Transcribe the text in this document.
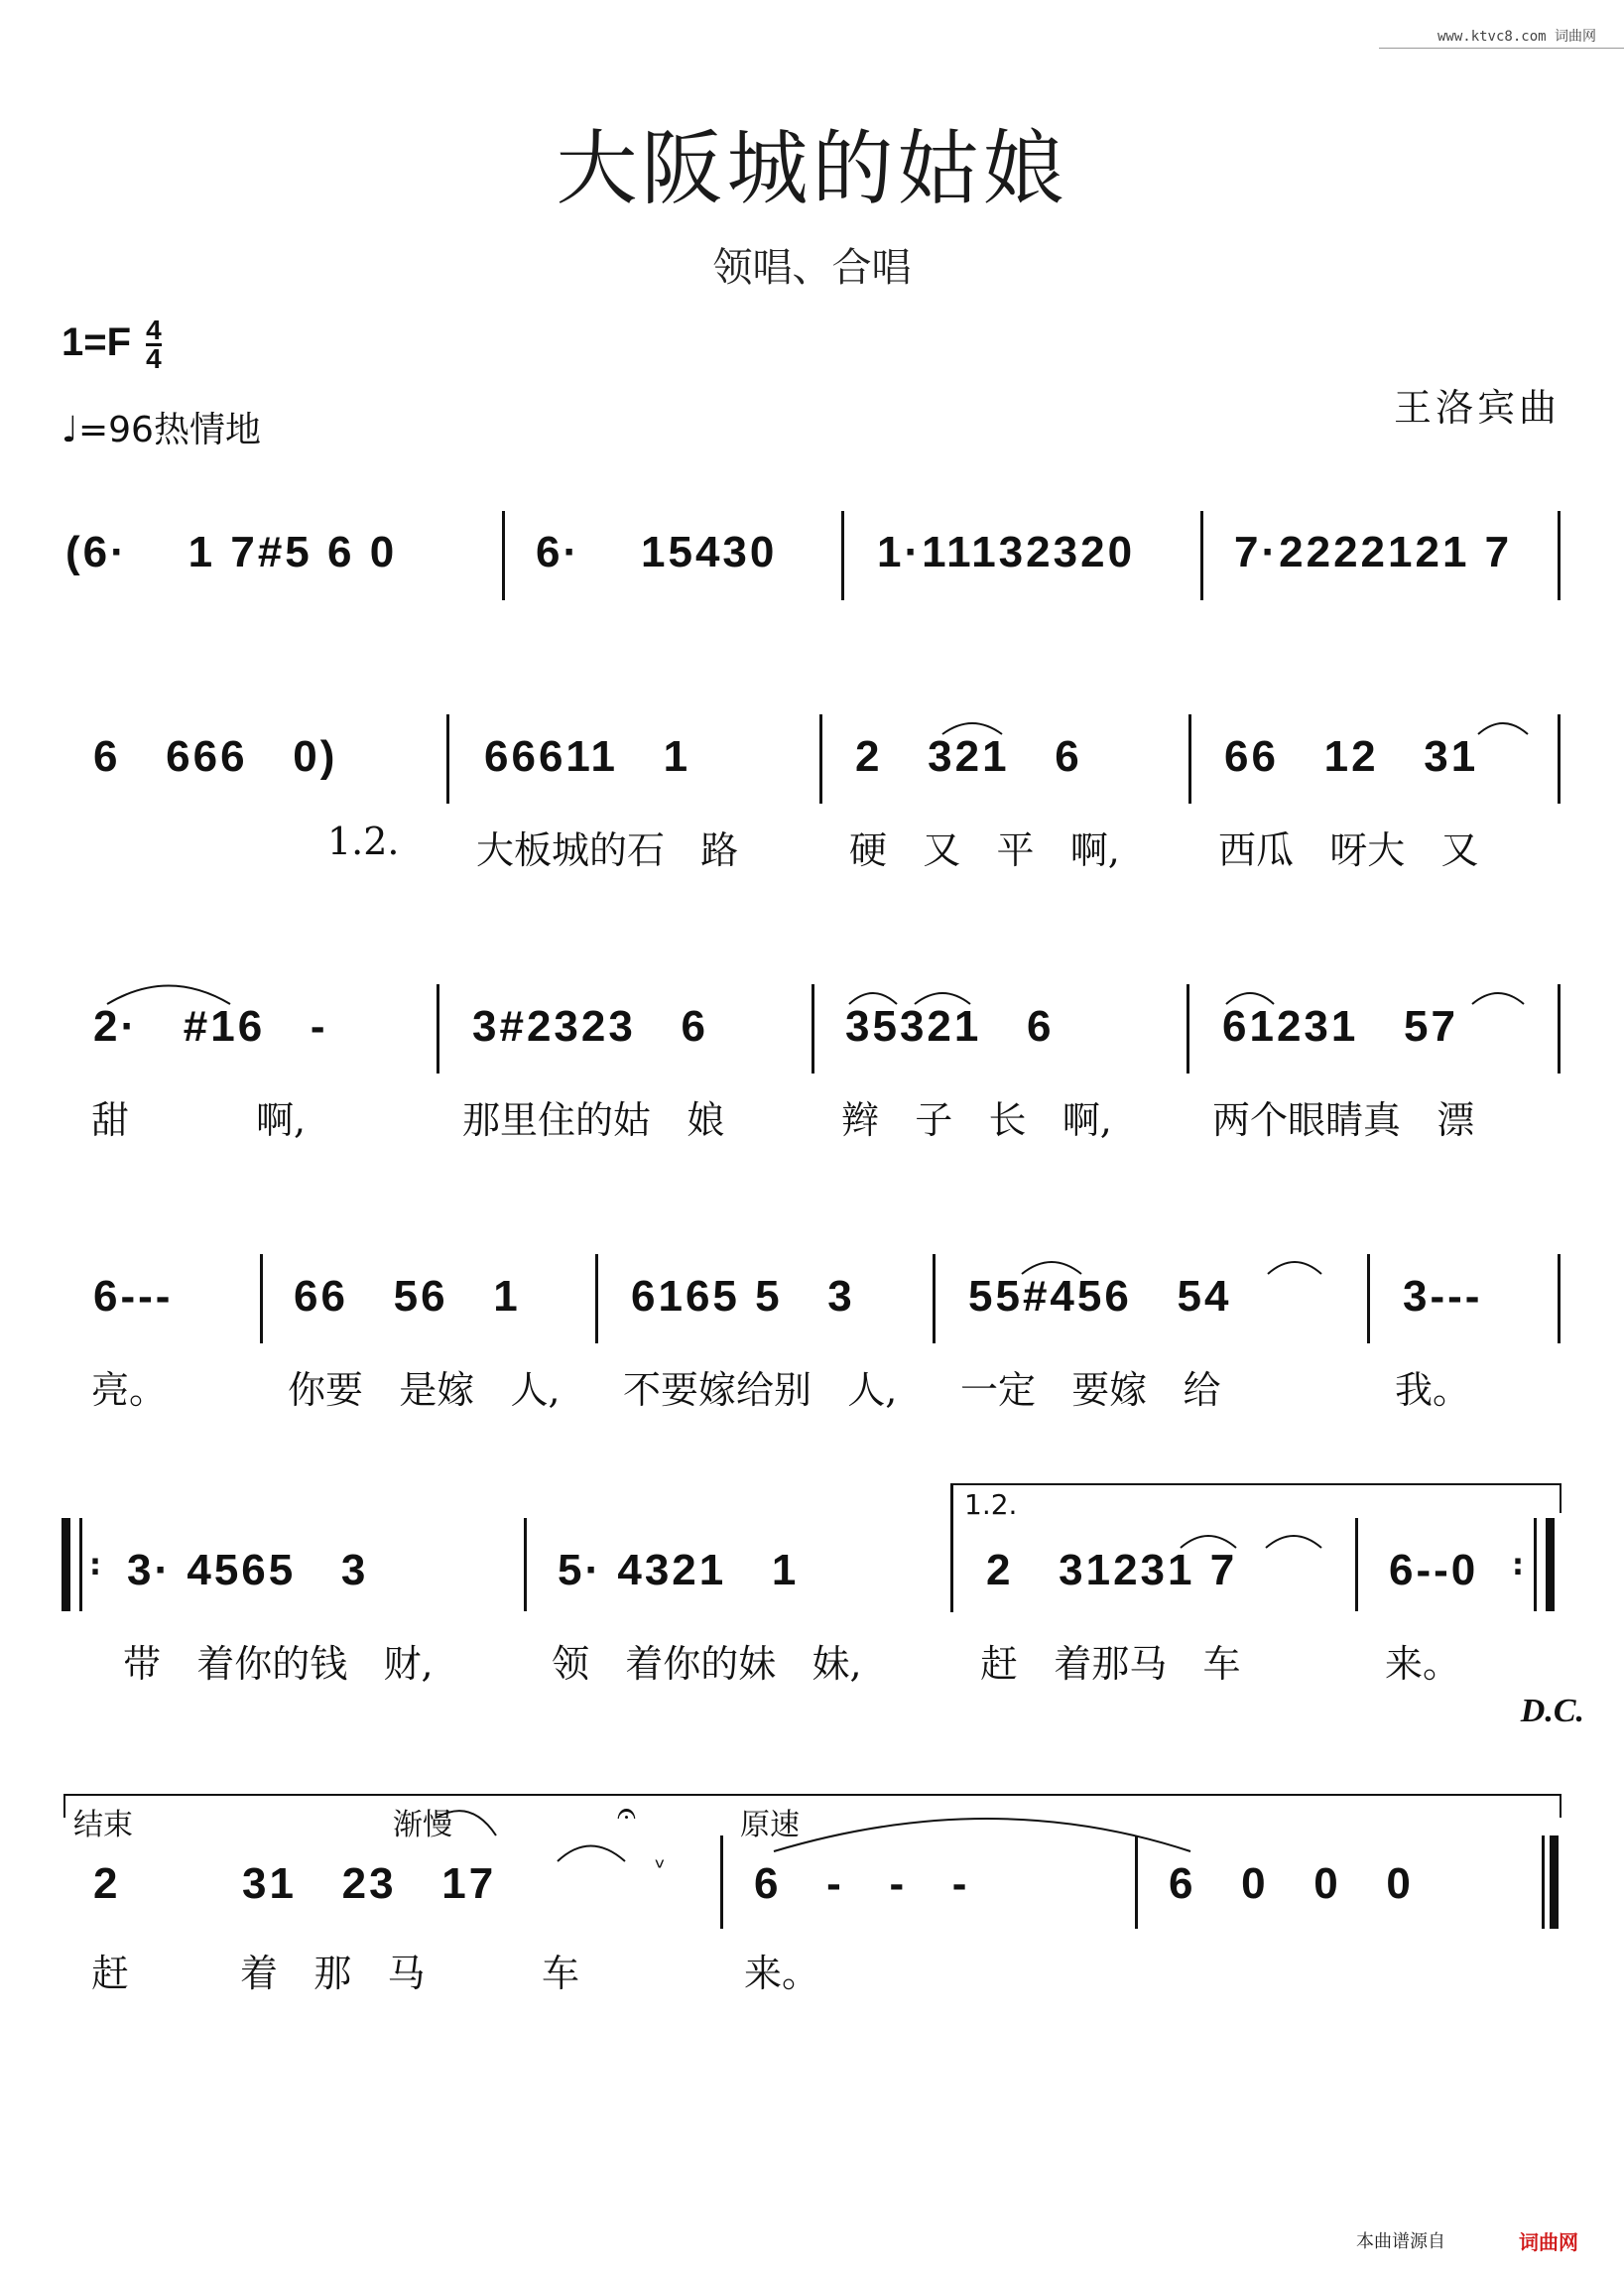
www.ktvc8.com 词曲网
大阪城的姑娘
领唱、合唱
$1=F \frac{4}{4}$
♩=96热情地
王洛宾曲
(6·    1 7#5 6 0	6·    15430 1·11132320 7·2222121 7
6   666   0)	66611   1	2   321   6	66   12   31
1.2. 大板城的石   路	硬   又   平   啊,	西瓜   呀大   又
2·   #16   -	3#2323   6	35321   6	61231   57
甜	啊,	那里住的姑   娘	辫   子   长   啊,	两个眼睛真   漂
6---	66   56   1	6165 5   3	55#456   54	3---
亮。	你要   是嫁   人, 不要嫁给别   人, 一定   要嫁   给	我。
: 3· 4565   3	5· 4321   1
1.2.
2   31231 7	6--0 :
带   着你的钱   财,	领   着你的妹   妹,	赶   着那马   车	来。
D.C.
结束	渐慢	原速
𝄐
2	31   23   17	ᵛ 6   -   -   -	6   0   0   0
赶	着   那   马	车	来。
本曲谱源自	词曲网
